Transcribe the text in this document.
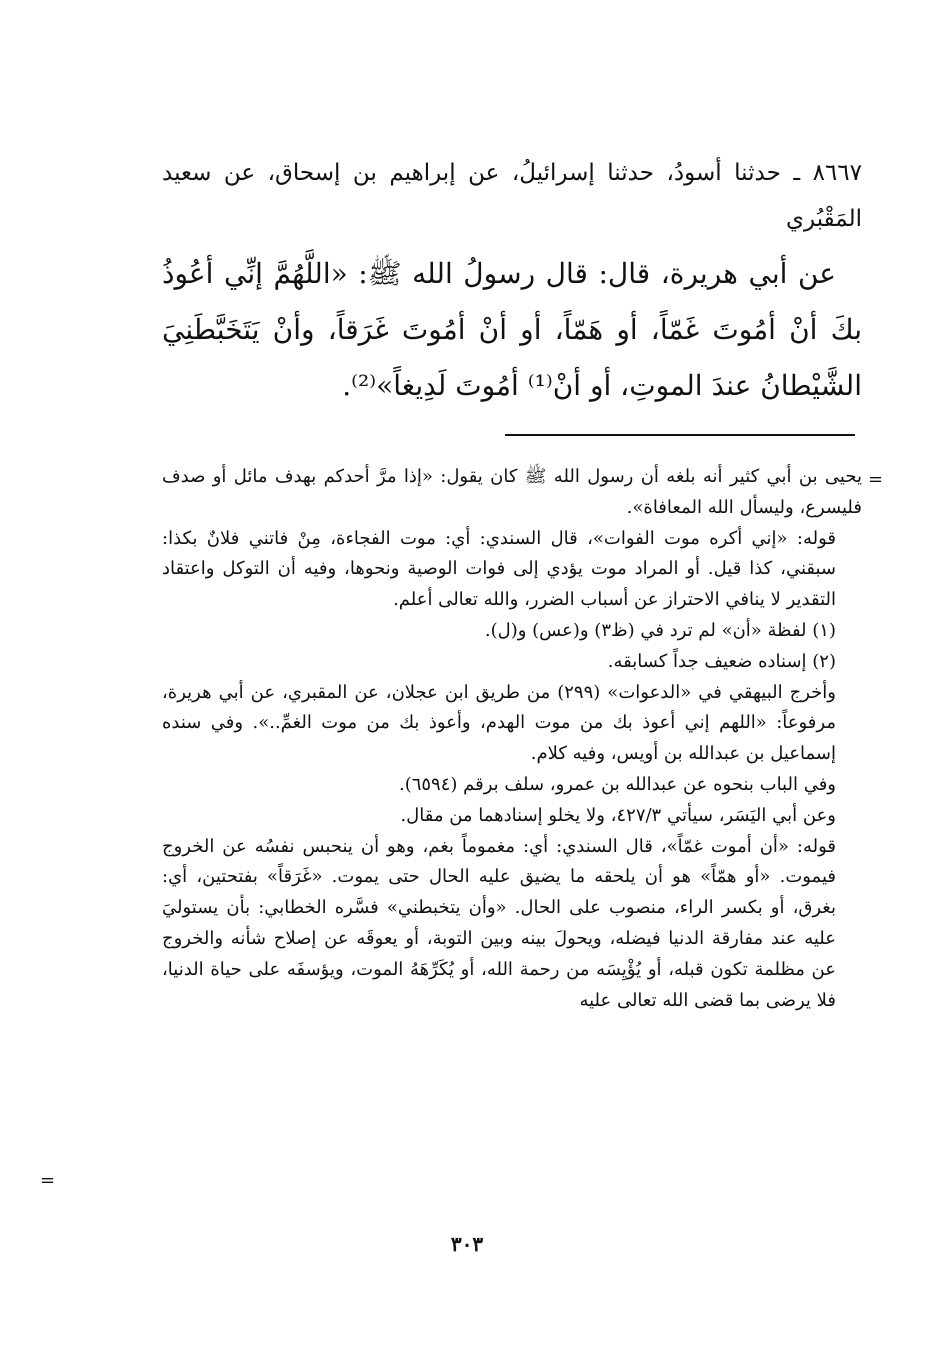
٨٦٦٧ ـ حدثنا أسودُ، حدثنا إسرائيلُ، عن إبراهيم بن إسحاق، عن سعيد المَقْبُري
عن أبي هريرة، قال: قال رسولُ الله ﷺ: «اللَّهُمَّ إنِّي أعُوذُ بكَ أنْ أمُوتَ غَمّاً، أو هَمّاً، أو أنْ أمُوتَ غَرَقاً، وأنْ يَتَخَبَّطَنِيَ الشَّيْطانُ عندَ الموتِ، أو أنْ⁽¹⁾ أمُوتَ لَدِيغاً»⁽²⁾.
=

يحيى بن أبي كثير أنه بلغه أن رسول الله ﷺ كان يقول: «إذا مرَّ أحدكم بهدف مائل أو صدف فليسرع، وليسأل الله المعافاة».

قوله: «إني أكره موت الفوات»، قال السندي: أي: موت الفجاءة، مِنْ فاتني فلانٌ بكذا: سبقني، كذا قيل. أو المراد موت يؤدي إلى فوات الوصية ونحوها، وفيه أن التوكل واعتقاد التقدير لا ينافي الاحتراز عن أسباب الضرر، والله تعالى أعلم.

(١) لفظة «أن» لم ترد في (ظ٣) و(عس) و(ل).

(٢) إسناده ضعيف جداً كسابقه.

وأخرج البيهقي في «الدعوات» (٢٩٩) من طريق ابن عجلان، عن المقبري، عن أبي هريرة، مرفوعاً: «اللهم إني أعوذ بك من موت الهدم، وأعوذ بك من موت الغمِّ..». وفي سنده إسماعيل بن عبدالله بن أويس، وفيه كلام.

وفي الباب بنحوه عن عبدالله بن عمرو، سلف برقم (٦٥٩٤).

وعن أبي اليَسَر، سيأتي ٤٢٧/٣، ولا يخلو إسنادهما من مقال.

قوله: «أن أموت غمّاً»، قال السندي: أي: مغموماً بغم، وهو أن ينحبس نفسُه عن الخروج فيموت. «أو همّاً» هو أن يلحقه ما يضيق عليه الحال حتى يموت. «غَرَقاً» بفتحتين، أي: بغرق، أو بكسر الراء، منصوب على الحال. «وأن يتخبطني» فسَّره الخطابي: بأن يستوليَ عليه عند مفارقة الدنيا فيضله، ويحولَ بينه وبين التوبة، أو يعوقَه عن إصلاح شأنه والخروج عن مظلمة تكون قبله، أو يُؤْيِسَه من رحمة الله، أو يُكَرِّهَهُ الموت، ويؤسفَه على حياة الدنيا، فلا يرضى بما قضى الله تعالى عليه

=
٣٠٣
